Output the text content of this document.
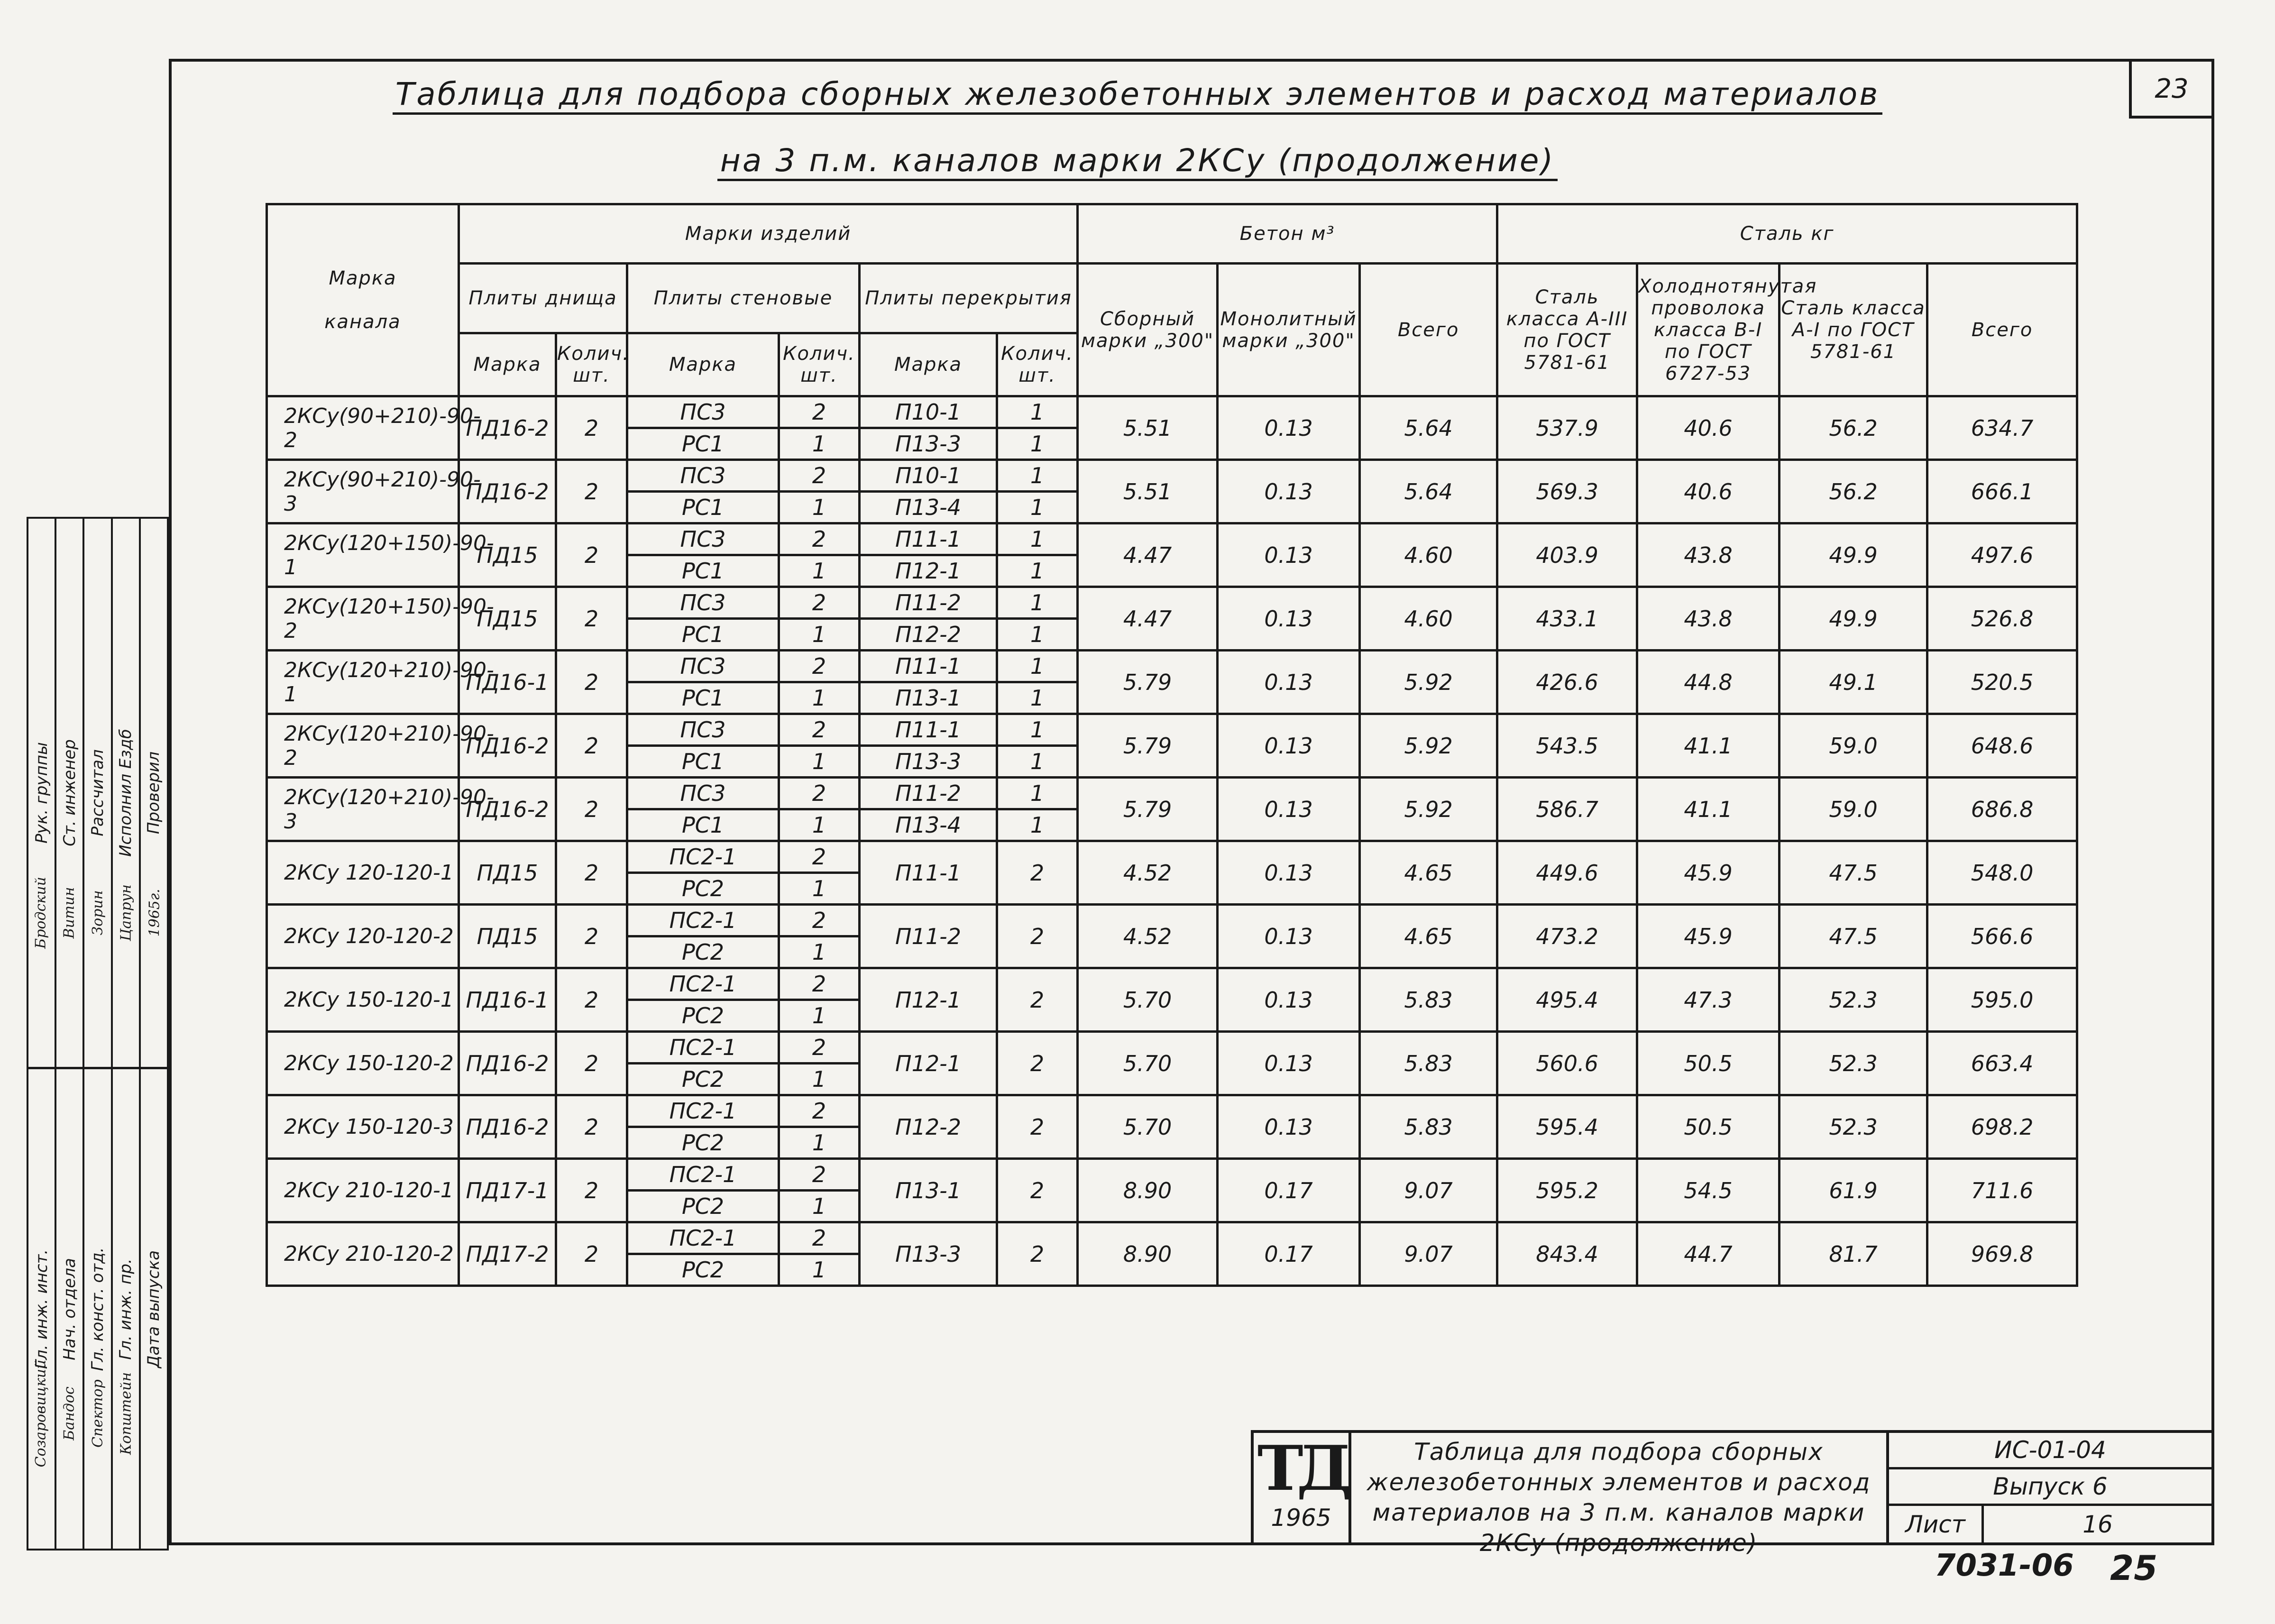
23
Таблица для подбора сборных железобетонных элементов и расход материалов
на 3 п.м. каналов марки 2КСу (продолжение)
Марка

канала	Марки изделий						Бетон м³			Сталь кг			
	Плиты днища		Плиты стеновые		Плиты перекрытия		Сборный марки „300"	Монолитный марки „300"	Всего	Сталь класса А-III по ГОСТ 5781-61	Холоднотянутая проволока класса В-I по ГОСТ 6727-53	Сталь класса А-I по ГОСТ 5781-61	Всего
	Марка	Колич. шт.	Марка	Колич. шт.	Марка	Колич. шт.							
2КСу(90+210)-90-2	ПД16-2	2	ПС3	2	П10-1	1	5.51	0.13	5.64	537.9	40.6	56.2	634.7
			РС1	1	П13-3	1							
2КСу(90+210)-90-3	ПД16-2	2	ПС3	2	П10-1	1	5.51	0.13	5.64	569.3	40.6	56.2	666.1
			РС1	1	П13-4	1							
2КСу(120+150)-90-1	ПД15	2	ПС3	2	П11-1	1	4.47	0.13	4.60	403.9	43.8	49.9	497.6
			РС1	1	П12-1	1							
2КСу(120+150)-90-2	ПД15	2	ПС3	2	П11-2	1	4.47	0.13	4.60	433.1	43.8	49.9	526.8
			РС1	1	П12-2	1							
2КСу(120+210)-90-1	ПД16-1	2	ПС3	2	П11-1	1	5.79	0.13	5.92	426.6	44.8	49.1	520.5
			РС1	1	П13-1	1							
2КСу(120+210)-90-2	ПД16-2	2	ПС3	2	П11-1	1	5.79	0.13	5.92	543.5	41.1	59.0	648.6
			РС1	1	П13-3	1							
2КСу(120+210)-90-3	ПД16-2	2	ПС3	2	П11-2	1	5.79	0.13	5.92	586.7	41.1	59.0	686.8
			РС1	1	П13-4	1							
2КСу 120-120-1	ПД15	2	ПС2-1	2	П11-1	2	4.52	0.13	4.65	449.6	45.9	47.5	548.0
			РС2	1									
2КСу 120-120-2	ПД15	2	ПС2-1	2	П11-2	2	4.52	0.13	4.65	473.2	45.9	47.5	566.6
			РС2	1									
2КСу 150-120-1	ПД16-1	2	ПС2-1	2	П12-1	2	5.70	0.13	5.83	495.4	47.3	52.3	595.0
			РС2	1									
2КСу 150-120-2	ПД16-2	2	ПС2-1	2	П12-1	2	5.70	0.13	5.83	560.6	50.5	52.3	663.4
			РС2	1									
2КСу 150-120-3	ПД16-2	2	ПС2-1	2	П12-2	2	5.70	0.13	5.83	595.4	50.5	52.3	698.2
			РС2	1									
2КСу 210-120-1	ПД17-1	2	ПС2-1	2	П13-1	2	8.90	0.17	9.07	595.2	54.5	61.9	711.6
			РС2	1									
2КСу 210-120-2	ПД17-2	2	ПС2-1	2	П13-3	2	8.90	0.17	9.07	843.4	44.7	81.7	969.8
			РС2	1									
Рук. группы	Ст. инженер	Рассчитал	Исполнил Ездб	Проверил

Гл. инж. инст.	Нач. отдела	Гл. конст. отд.	Гл. инж. пр.	Дата выпуска

Бродский Витин Зорин Цапрун 1965г.
Созаровицкий Бандос Спектор Копштейн
ТД
1965
Таблица для подбора сборных железобетонных элементов и расход материалов на 3 п.м. каналов марки 2КСу (продолжение)
ИС-01-04
Выпуск 6
Лист	16
7031-06 25
